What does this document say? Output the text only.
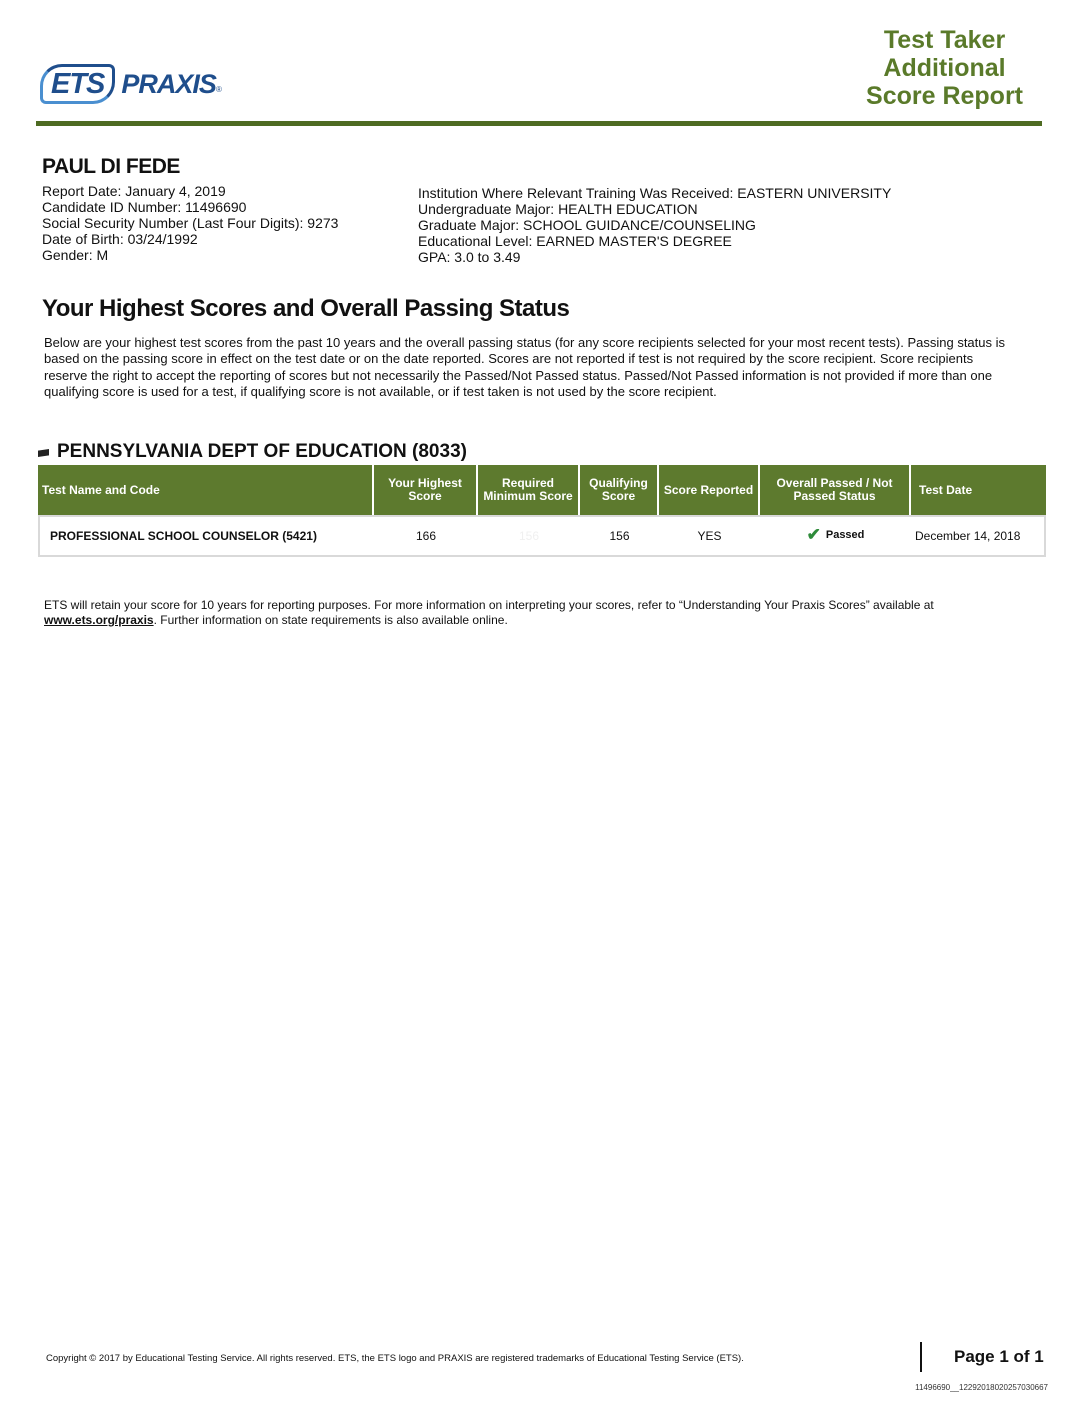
ETS PRAXIS ®
Test Taker
Additional
Score Report
PAUL DI FEDE
Report Date: January 4, 2019
Candidate ID Number: 11496690
Social Security Number (Last Four Digits): 9273
Date of Birth: 03/24/1992
Gender: M
Institution Where Relevant Training Was Received: EASTERN UNIVERSITY
Undergraduate Major: HEALTH EDUCATION
Graduate Major: SCHOOL GUIDANCE/COUNSELING
Educational Level: EARNED MASTER'S DEGREE
GPA: 3.0 to 3.49
Your Highest Scores and Overall Passing Status
Below are your highest test scores from the past 10 years and the overall passing status (for any score recipients selected for your most recent tests). Passing status is based on the passing score in effect on the test date or on the date reported. Scores are not reported if test is not required by the score recipient. Score recipients reserve the right to accept the reporting of scores but not necessarily the Passed/Not Passed status. Passed/Not Passed information is not provided if more than one qualifying score is used for a test, if qualifying score is not available, or if test taken is not used by the score recipient.
PENNSYLVANIA DEPT OF EDUCATION (8033)
Test Name and Code	Your Highest Score	Required Minimum Score	Qualifying Score	Score Reported	Overall Passed / Not Passed Status	Test Date
PROFESSIONAL SCHOOL COUNSELOR (5421)	166	156	156	YES	✔ Passed	December 14, 2018
ETS will retain your score for 10 years for reporting purposes. For more information on interpreting your scores, refer to “Understanding Your Praxis Scores” available at www.ets.org/praxis. Further information on state requirements is also available online.
Copyright © 2017 by Educational Testing Service. All rights reserved. ETS, the ETS logo and PRAXIS are registered trademarks of Educational Testing Service (ETS).	Page 1 of 1
11496690__1229201802025703066​7
